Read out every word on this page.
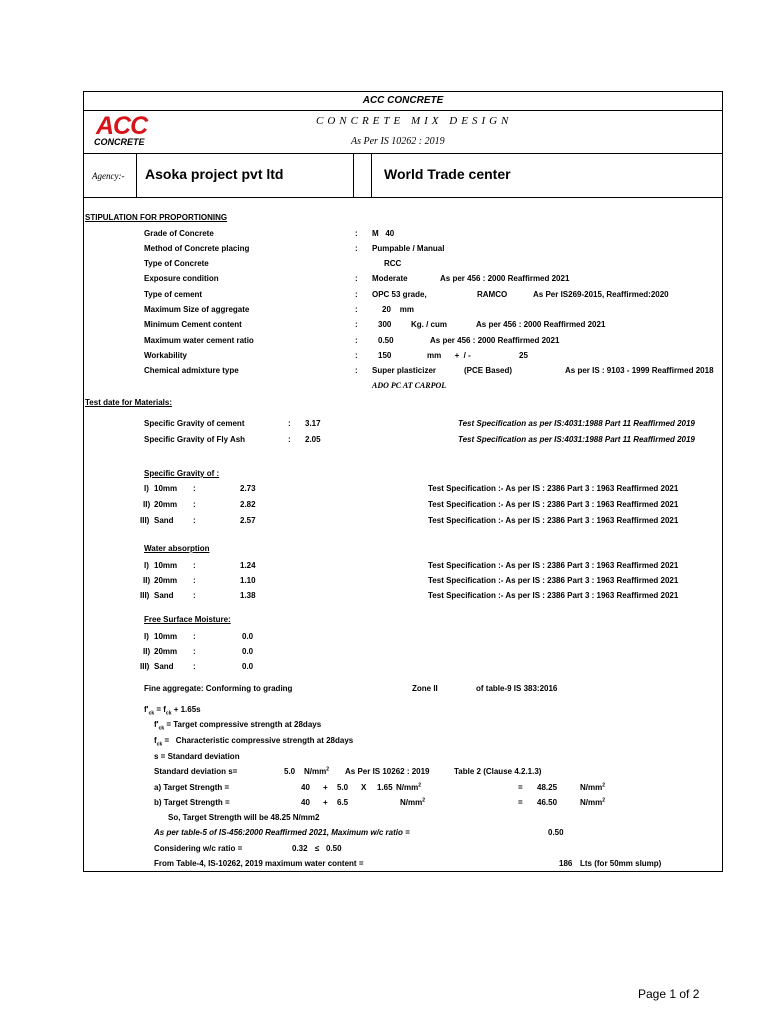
ACC CONCRETE
ACC
CONCRETE
CONCRETE MIX DESIGN
As Per IS 10262 : 2019
Agency:- Asoka project pvt ltd	World Trade center
STIPULATION FOR PROPORTIONING
Grade of Concrete	: M   40
Method of Concrete placing	: Pumpable / Manual
Type of Concrete	RCC
Exposure condition	: Moderate	As per 456 : 2000 Reaffirmed 2021
Type of cement	: OPC 53 grade,	RAMCO	As Per IS269-2015, Reaffirmed:2020
Maximum Size of aggregate	:	20    mm
Minimum Cement content	:	300 Kg. / cum	As per 456 : 2000 Reaffirmed 2021
Maximum water cement ratio	:	0.50	As per 456 : 2000 Reaffirmed 2021
Workability	:	150	mm      +  / -	25
Chemical admixture type	: Super plasticizer	(PCE Based)	As per IS : 9103 - 1999 Reaffirmed 2018
ADO PC AT CARPOL
Test date for Materials:
Specific Gravity of cement	: 3.17	Test Specification as per IS:4031:1988 Part 11 Reaffirmed 2019
Specific Gravity of Fly Ash	: 2.05	Test Specification as per IS:4031:1988 Part 11 Reaffirmed 2019
Specific Gravity of :
I) 10mm :	2.73	Test Specification :- As per IS : 2386 Part 3 : 1963 Reaffirmed 2021
II) 20mm :	2.82	Test Specification :- As per IS : 2386 Part 3 : 1963 Reaffirmed 2021
III) Sand :	2.57	Test Specification :- As per IS : 2386 Part 3 : 1963 Reaffirmed 2021
Water absorption
I) 10mm :	1.24	Test Specification :- As per IS : 2386 Part 3 : 1963 Reaffirmed 2021
II) 20mm :	1.10	Test Specification :- As per IS : 2386 Part 3 : 1963 Reaffirmed 2021
III) Sand :	1.38	Test Specification :- As per IS : 2386 Part 3 : 1963 Reaffirmed 2021
Free Surface Moisture:
I) 10mm :	0.0
II) 20mm :	0.0
III) Sand :	0.0
Fine aggregate: Conforming to grading	Zone II	of table-9 IS 383:2016
$f'_{ck} = f_{ck} + 1.65s$
$f'_{ck}$ = Target compressive strength at 28days
$f_{ck}$ =   Characteristic compressive strength at 28days
s = Standard deviation
Standard deviation s=	5.0 $N/mm^2$ As Per IS 10262 : 2019	Table 2 (Clause 4.2.1.3)
a) Target Strength =	40 + 5.0 X 1.65 $N/mm^2$	= 48.25	$N/mm^2$
b) Target Strength =	40 + 6.5	$N/mm^2$	= 46.50	$N/mm^2$
So, Target Strength will be 48.25 N/mm2
As per table-5 of IS-456:2000 Reaffirmed 2021, Maximum w/c ratio =	0.50
Considering w/c ratio =	0.32 ≤ 0.50
From Table-4, IS-10262, 2019 maximum water content =	186 Lts (for 50mm slump)
Page 1 of 2
